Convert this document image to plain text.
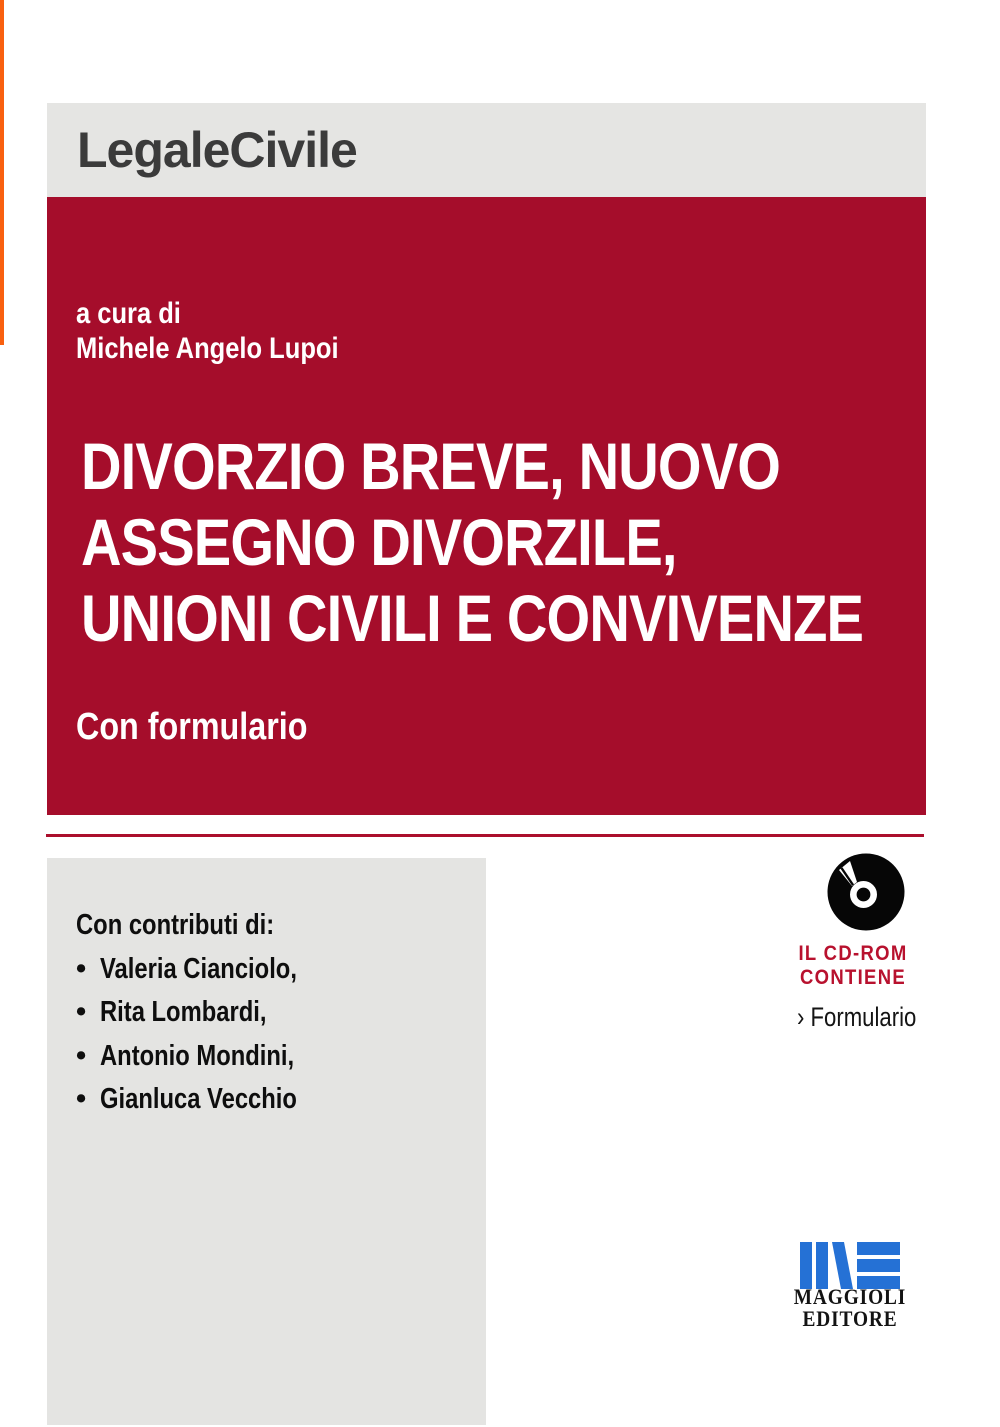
LegaleCivile
a cura di
Michele Angelo Lupoi
DIVORZIO BREVE, NUOVO
ASSEGNO DIVORZILE,
UNIONI CIVILI E CONVIVENZE
Con formulario
Con contributi di:
• Valeria Cianciolo,
• Rita Lombardi,
• Antonio Mondini,
• Gianluca Vecchio
IL CD-ROM
CONTIENE
› Formulario
MAGGIOLI
EDITORE
